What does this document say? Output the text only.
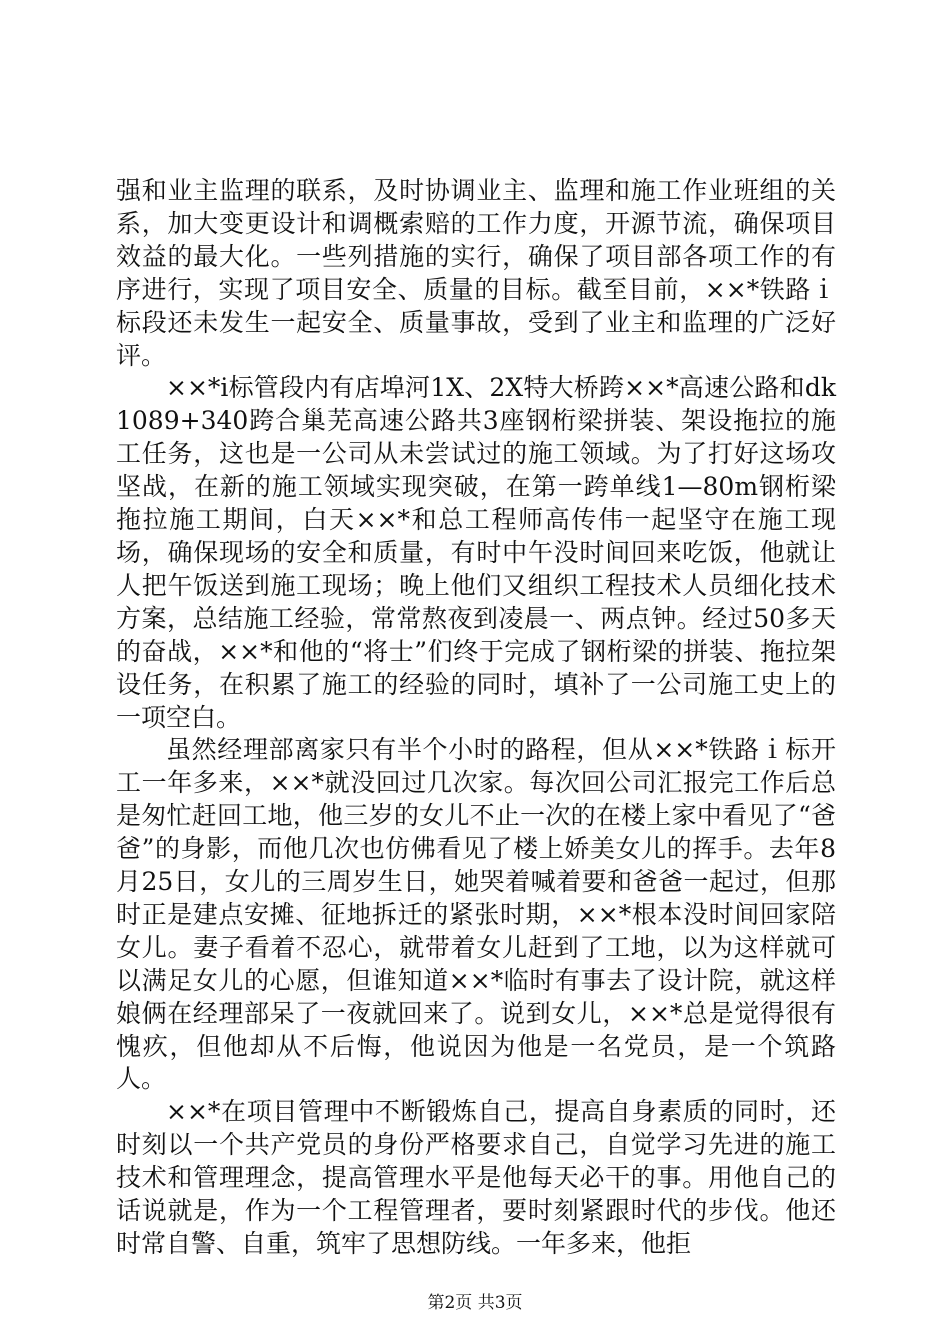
强和业主监理的联系，及时协调业主、监理和施工作业班组的关系，加大变更设计和调概索赔的工作力度，开源节流，确保项目效益的最大化。一些列措施的实行，确保了项目部各项工作的有序进行，实现了项目安全、质量的目标。截至目前，××*铁路ｉ标段还未发生一起安全、质量事故，受到了业主和监理的广泛好评。

××*i标管段内有店埠河1X、2X特大桥跨××*高速公路和dk1089+340跨合巢芜高速公路共3座钢桁梁拼装、架设拖拉的施工任务，这也是一公司从未尝试过的施工领域。为了打好这场攻坚战，在新的施工领域实现突破，在第一跨单线1—80m钢桁梁拖拉施工期间，白天××*和总工程师高传伟一起坚守在施工现场，确保现场的安全和质量，有时中午没时间回来吃饭，他就让人把午饭送到施工现场；晚上他们又组织工程技术人员细化技术方案，总结施工经验，常常熬夜到凌晨一、两点钟。经过50多天的奋战，××*和他的“将士”们终于完成了钢桁梁的拼装、拖拉架设任务，在积累了施工的经验的同时，填补了一公司施工史上的一项空白。

虽然经理部离家只有半个小时的路程，但从××*铁路ｉ标开工一年多来，××*就没回过几次家。每次回公司汇报完工作后总是匆忙赶回工地，他三岁的女儿不止一次的在楼上家中看见了“爸爸”的身影，而他几次也仿佛看见了楼上娇美女儿的挥手。去年8月25日，女儿的三周岁生日，她哭着喊着要和爸爸一起过，但那时正是建点安摊、征地拆迁的紧张时期，××*根本没时间回家陪女儿。妻子看着不忍心，就带着女儿赶到了工地，以为这样就可以满足女儿的心愿，但谁知道××*临时有事去了设计院，就这样娘俩在经理部呆了一夜就回来了。说到女儿，××*总是觉得很有愧疚，但他却从不后悔，他说因为他是一名党员，是一个筑路人。

××*在项目管理中不断锻炼自己，提高自身素质的同时，还时刻以一个共产党员的身份严格要求自己，自觉学习先进的施工技术和管理理念，提高管理水平是他每天必干的事。用他自己的话说就是，作为一个工程管理者，要时刻紧跟时代的步伐。他还时常自警、自重，筑牢了思想防线。一年多来，他拒

第2页 共3页
